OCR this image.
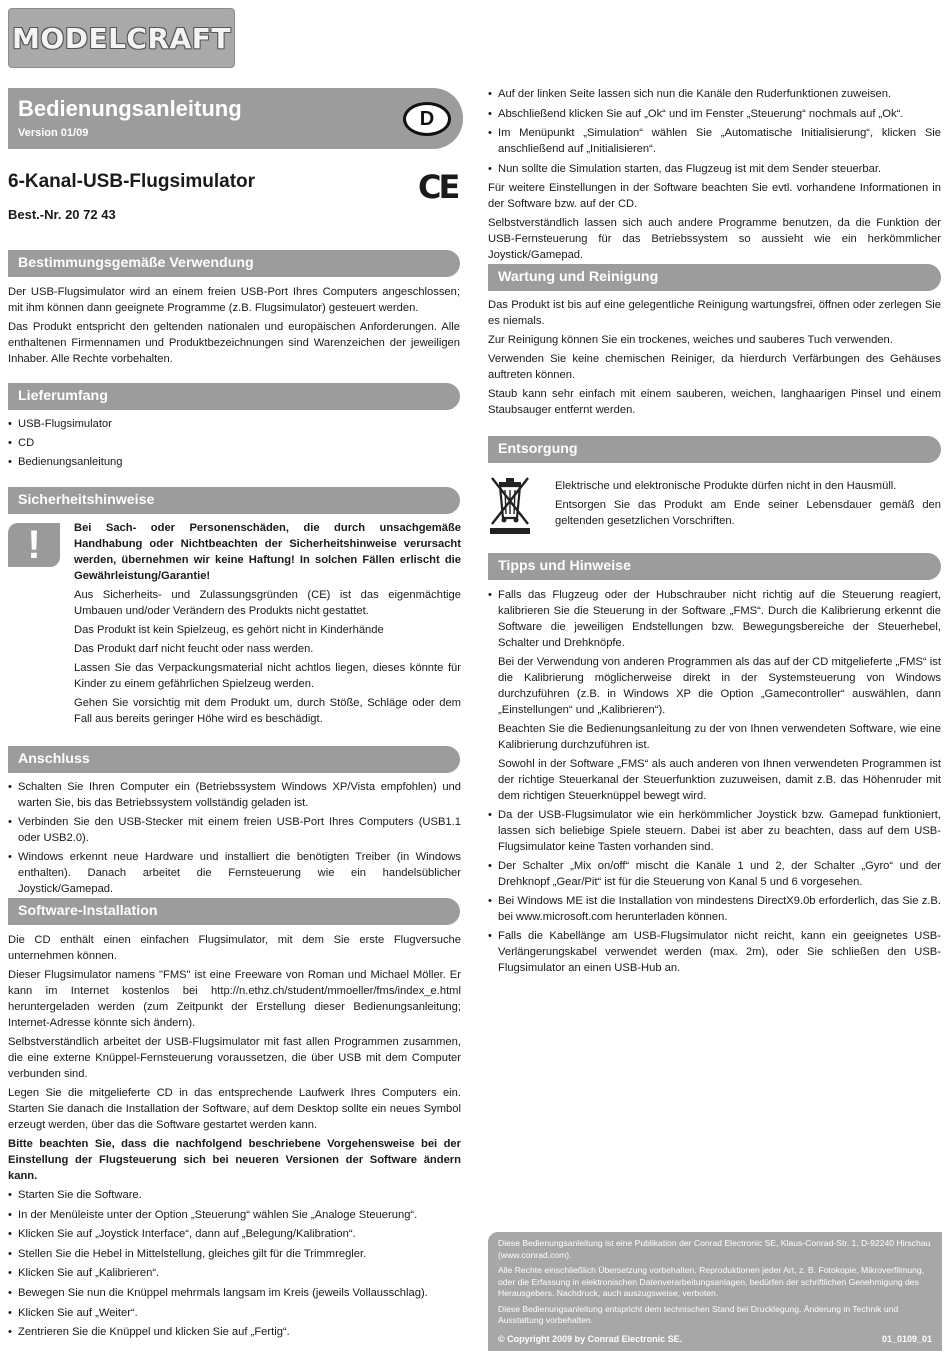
MODELCRAFT
Bedienungsanleitung
Version 01/09
D
6-Kanal-USB-Flugsimulator
Best.-Nr. 20 72 43
CE
Bestimmungsgemäße Verwendung

Der USB-Flugsimulator wird an einem freien USB-Port Ihres Computers angeschlossen; mit ihm können dann geeignete Programme (z.B. Flugsimulator) gesteuert werden.

Das Produkt entspricht den geltenden nationalen und europäischen Anforderungen. Alle enthaltenen Firmennamen und Produktbezeichnungen sind Warenzeichen der jeweiligen Inhaber. Alle Rechte vorbehalten.

Lieferumfang
• USB-Flugsimulator
• CD
• Bedienungsanleitung
Sicherheitshinweise
!	Bei Sach- oder Personenschäden, die durch unsachgemäße Handhabung oder Nichtbeachten der Sicherheitshinweise verursacht werden, übernehmen wir keine Haftung! In solchen Fällen erlischt die Gewährleistung/Garantie!

Aus Sicherheits- und Zulassungsgründen (CE) ist das eigenmächtige Umbauen und/oder Verändern des Produkts nicht gestattet.

Das Produkt ist kein Spielzeug, es gehört nicht in Kinderhände

Das Produkt darf nicht feucht oder nass werden.

Lassen Sie das Verpackungsmaterial nicht achtlos liegen, dieses könnte für Kinder zu einem gefährlichen Spielzeug werden.

Gehen Sie vorsichtig mit dem Produkt um, durch Stöße, Schläge oder dem Fall aus bereits geringer Höhe wird es beschädigt.

Anschluss
• Schalten Sie Ihren Computer ein (Betriebssystem Windows XP/Vista empfohlen) und warten Sie, bis das Betriebssystem vollständig geladen ist.
• Verbinden Sie den USB-Stecker mit einem freien USB-Port Ihres Computers (USB1.1 oder USB2.0).
• Windows erkennt neue Hardware und installiert die benötigten Treiber (in Windows enthalten). Danach arbeitet die Fernsteuerung wie ein handelsüblicher Joystick/Gamepad.
Software-Installation

Die CD enthält einen einfachen Flugsimulator, mit dem Sie erste Flugversuche unternehmen können.

Dieser Flugsimulator namens "FMS" ist eine Freeware von Roman und Michael Möller. Er kann im Internet kostenlos bei http://n.ethz.ch/student/mmoeller/fms/index_e.html heruntergeladen werden (zum Zeitpunkt der Erstellung dieser Bedienungsanleitung; Internet-Adresse könnte sich ändern).

Selbstverständlich arbeitet der USB-Flugsimulator mit fast allen Programmen zusammen, die eine externe Knüppel-Fernsteuerung voraussetzen, die über USB mit dem Computer verbunden sind.

Legen Sie die mitgelieferte CD in das entsprechende Laufwerk Ihres Computers ein. Starten Sie danach die Installation der Software, auf dem Desktop sollte ein neues Symbol erzeugt werden, über das die Software gestartet werden kann.

Bitte beachten Sie, dass die nachfolgend beschriebene Vorgehensweise bei der Einstellung der Flugsteuerung sich bei neueren Versionen der Software ändern kann.

• Starten Sie die Software.
• In der Menüleiste unter der Option „Steuerung“ wählen Sie „Analoge Steuerung“.
• Klicken Sie auf „Joystick Interface“, dann auf „Belegung/Kalibration“.
• Stellen Sie die Hebel in Mittelstellung, gleiches gilt für die Trimmregler.
• Klicken Sie auf „Kalibrieren“.
• Bewegen Sie nun die Knüppel mehrmals langsam im Kreis (jeweils Vollausschlag).
• Klicken Sie auf „Weiter“.
• Zentrieren Sie die Knüppel und klicken Sie auf „Fertig“.
• Auf der linken Seite lassen sich nun die Kanäle den Ruderfunktionen zuweisen.
• Abschließend klicken Sie auf „Ok“ und im Fenster „Steuerung“ nochmals auf „Ok“.
• Im Menüpunkt „Simulation“ wählen Sie „Automatische Initialisierung“, klicken Sie anschließend auf „Initialisieren“.
• Nun sollte die Simulation starten, das Flugzeug ist mit dem Sender steuerbar.

Für weitere Einstellungen in der Software beachten Sie evtl. vorhandene Informationen in der Software bzw. auf der CD.

Selbstverständlich lassen sich auch andere Programme benutzen, da die Funktion der USB-Fernsteuerung für das Betriebssystem so aussieht wie ein herkömmlicher Joystick/Gamepad.

Wartung und Reinigung

Das Produkt ist bis auf eine gelegentliche Reinigung wartungsfrei, öffnen oder zerlegen Sie es niemals.

Zur Reinigung können Sie ein trockenes, weiches und sauberes Tuch verwenden.

Verwenden Sie keine chemischen Reiniger, da hierdurch Verfärbungen des Gehäuses auftreten können.

Staub kann sehr einfach mit einem sauberen, weichen, langhaarigen Pinsel und einem Staubsauger entfernt werden.

Entsorgung

Elektrische und elektronische Produkte dürfen nicht in den Hausmüll.

Entsorgen Sie das Produkt am Ende seiner Lebensdauer gemäß den geltenden gesetzlichen Vorschriften.

Tipps und Hinweise
• Falls das Flugzeug oder der Hubschrauber nicht richtig auf die Steuerung reagiert, kalibrieren Sie die Steuerung in der Software „FMS“. Durch die Kalibrierung erkennt die Software die jeweiligen Endstellungen bzw. Bewegungsbereiche der Steuerhebel, Schalter und Drehknöpfe.

Bei der Verwendung von anderen Programmen als das auf der CD mitgelieferte „FMS“ ist die Kalibrierung möglicherweise direkt in der Systemsteuerung von Windows durchzuführen (z.B. in Windows XP die Option „Gamecontroller“ auswählen, dann „Einstellungen“ und „Kalibrieren“).

Beachten Sie die Bedienungsanleitung zu der von Ihnen verwendeten Software, wie eine Kalibrierung durchzuführen ist.

Sowohl in der Software „FMS“ als auch anderen von Ihnen verwendeten Programmen ist der richtige Steuerkanal der Steuerfunktion zuzuweisen, damit z.B. das Höhenruder mit dem richtigen Steuerknüppel bewegt wird.

• Da der USB-Flugsimulator wie ein herkömmlicher Joystick bzw. Gamepad funktioniert, lassen sich beliebige Spiele steuern. Dabei ist aber zu beachten, dass auf dem USB-Flugsimulator keine Tasten vorhanden sind.
• Der Schalter „Mix on/off“ mischt die Kanäle 1 und 2, der Schalter „Gyro“ und der Drehknopf „Gear/Pit“ ist für die Steuerung von Kanal 5 und 6 vorgesehen.
• Bei Windows ME ist die Installation von mindestens DirectX9.0b erforderlich, das Sie z.B. bei www.microsoft.com herunterladen können.
• Falls die Kabellänge am USB-Flugsimulator nicht reicht, kann ein geeignetes USB-Verlängerungskabel verwendet werden (max. 2m), oder Sie schließen den USB-Flugsimulator an einen USB-Hub an.

Diese Bedienungsanleitung ist eine Publikation der Conrad Electronic SE, Klaus-Conrad-Str. 1, D-92240 Hirschau (www.conrad.com).

Alle Rechte einschließlich Übersetzung vorbehalten. Reproduktionen jeder Art, z. B. Fotokopie, Mikroverfilmung, oder die Erfassung in elektronischen Datenverarbeitungsanlagen, bedürfen der schriftlichen Genehmigung des Herausgebers. Nachdruck, auch auszugsweise, verboten.

Diese Bedienungsanleitung entspricht dem technischen Stand bei Drucklegung. Änderung in Technik und Ausstattung vorbehalten.

© Copyright 2009 by Conrad Electronic SE.	01_0109_01
